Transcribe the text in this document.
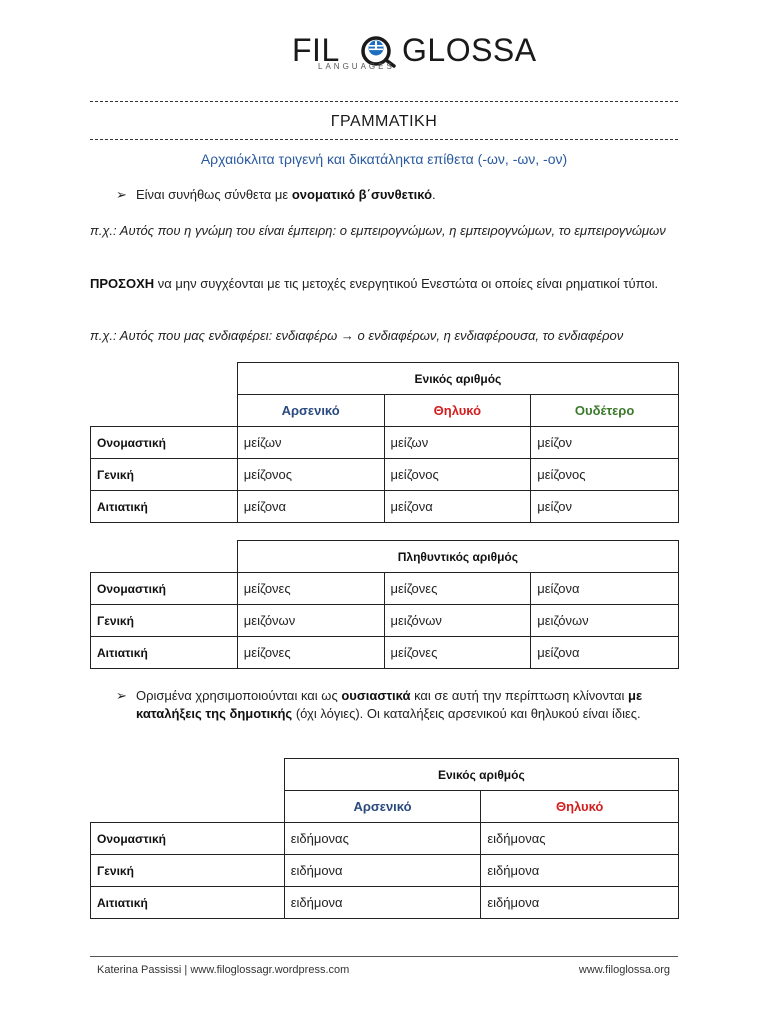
FIL GLOSSA
LANGUAGES
ΓΡΑΜΜΑΤΙΚΗ
Αρχαιόκλιτα τριγενή και δικατάληκτα επίθετα (-ων, -ων, -ον)
➢ Είναι συνήθως σύνθετα με ονοματικό β΄συνθετικό.
π.χ.: Αυτός που η γνώμη του είναι έμπειρη: ο εμπειρογνώμων, η εμπειρογνώμων, το εμπειρογνώμων
ΠΡΟΣΟΧΗ να μην συγχέονται με τις μετοχές ενεργητικού Ενεστώτα οι οποίες είναι ρηματικοί τύποι.
π.χ.: Αυτός που μας ενδιαφέρει: ενδιαφέρω → ο ενδιαφέρων, η ενδιαφέρουσα, το ενδιαφέρον
	Ενικός αριθμός		
	Αρσενικό	Θηλυκό	Ουδέτερο
Ονομαστική	μείζων	μείζων	μείζον
Γενική	μείζονος	μείζονος	μείζονος
Αιτιατική	μείζονα	μείζονα	μείζον
	Πληθυντικός αριθμός		
Ονομαστική	μείζονες	μείζονες	μείζονα
Γενική	μειζόνων	μειζόνων	μειζόνων
Αιτιατική	μείζονες	μείζονες	μείζονα
➢ Ορισμένα χρησιμοποιούνται και ως ουσιαστικά και σε αυτή την περίπτωση κλίνονται με καταλήξεις της δημοτικής (όχι λόγιες). Οι καταλήξεις αρσενικού και θηλυκού είναι ίδιες.
	Ενικός αριθμός	
	Αρσενικό	Θηλυκό
Ονομαστική	ειδήμονας	ειδήμονας
Γενική	ειδήμονα	ειδήμονα
Αιτιατική	ειδήμονα	ειδήμονα
Katerina Passissi | www.filoglossagr.wordpress.com	www.filoglossa.org
